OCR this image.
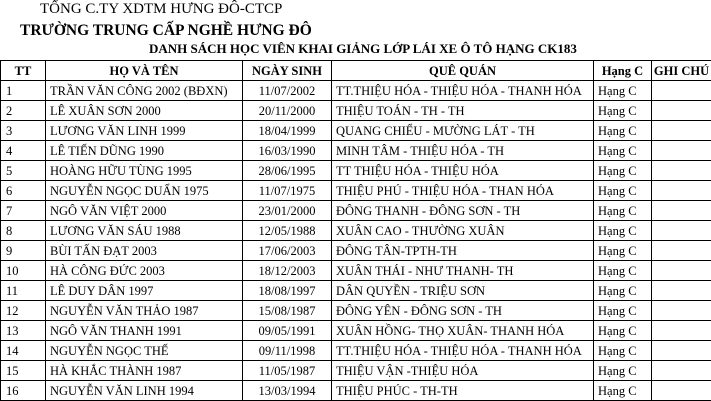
TỔNG C.TY XDTM HƯNG ĐÔ-CTCP
TRƯỜNG TRUNG CẤP NGHỀ HƯNG ĐÔ
DANH SÁCH HỌC VIÊN KHAI GIẢNG LỚP LÁI XE Ô TÔ HẠNG CK183
TT	HỌ VÀ TÊN	NGÀY SINH	QUÊ QUÁN	Hạng C	GHI CHÚ
1	TRẦN VĂN CÔNG 2002 (BĐXN)	11/07/2002	TT.THIỆU HÓA - THIỆU HÓA - THANH HÓA	Hạng C	
2	LÊ XUÂN SƠN 2000	20/11/2000	THIỆU TOÁN - TH - TH	Hạng C	
3	LƯƠNG VĂN LINH 1999	18/04/1999	QUANG CHIỂU - MƯỜNG LÁT - TH	Hạng C	
4	LÊ TIẾN DŨNG 1990	16/03/1990	MINH TÂM - THIỆU HÓA - TH	Hạng C	
5	HOÀNG HỮU TÙNG 1995	28/06/1995	TT THIỆU HÓA - THIỆU HÓA	Hạng C	
6	NGUYỄN NGỌC DUẨN 1975	11/07/1975	THIỆU PHÚ - THIỆU HÓA - THAN HÓA	Hạng C	
7	NGÔ VĂN VIỆT 2000	23/01/2000	ĐÔNG THANH - ĐÔNG SƠN - TH	Hạng C	
8	LƯƠNG VĂN SÁU 1988	12/05/1988	XUÂN CAO - THƯỜNG XUÂN	Hạng C	
9	BÙI TẤN ĐẠT 2003	17/06/2003	ĐÔNG TÂN-TPTH-TH	Hạng C	
10	HÀ CÔNG ĐỨC 2003	18/12/2003	XUÂN THÁI - NHƯ THANH- TH	Hạng C	
11	LÊ DUY DÂN 1997	18/08/1997	DÂN QUYỀN - TRIỆU SƠN	Hạng C	
12	NGUYỄN VĂN THẢO 1987	15/08/1987	ĐÔNG YÊN - ĐÔNG SƠN - TH	Hạng C	
13	NGÔ VĂN THANH 1991	09/05/1991	XUÂN HỒNG- THỌ XUÂN- THANH HÓA	Hạng C	
14	NGUYỄN NGỌC THẾ	09/11/1998	TT.THIỆU HÓA - THIỆU HÓA - THANH HÓA	Hạng C	
15	HÀ KHẮC THÀNH 1987	11/05/1987	THIỆU VẬN -THIỆU HÓA	Hạng C	
16	NGUYỄN VĂN LINH 1994	13/03/1994	THIỆU PHÚC - TH-TH	Hạng C	
